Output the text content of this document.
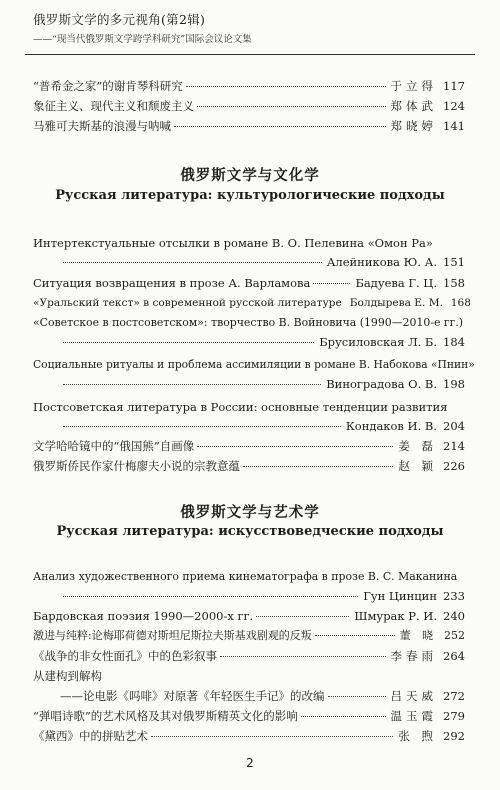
俄罗斯文学的多元视角(第2辑)
——“现当代俄罗斯文学跨学科研究”国际会议论文集
“普希金之家”的谢肯琴科研究	于立得 117
象征主义、现代主义和颓废主义	郑体武 124
马雅可夫斯基的浪漫与呐喊	郑晓婷 141
俄罗斯文学与文化学
Русская литература: культурологические подходы
Интертекстуальные отсылки в романе В. О. Пелевина «Омон Ра»
Алейникова Ю. А. 151
Ситуация возвращения в прозе А. Варламова	Бадуева Г. Ц. 158
«Уральский текст» в современной русской литературе Болдырева Е. М. 168
«Советское в постсоветском»: творчество В. Войновича (1990—2010-е гг.)
Брусиловская Л. Б. 184
Социальные ритуалы и проблема ассимиляции в романе В. Набокова «Пнин»
Виноградова О. В. 198
Постсоветская литература в России: основные тенденции развития
Кондаков И. В. 204
文学哈哈镜中的“俄国熊”自画像	姜 磊 214
俄罗斯侨民作家什梅廖夫小说的宗教意蕴	赵 颖 226
俄罗斯文学与艺术学
Русская литература: искусствоведческие подходы
Анализ художественного приема кинематографа в прозе В. С. Маканина
Гун Цинцин 233
Бардовская поэзия 1990—2000-х гг.	Шмурак Р. И. 240
激进与纯粹:论梅耶荷德对斯坦尼斯拉夫斯基戏剧观的反叛	董 晓 252
《战争的非女性面孔》中的色彩叙事	李春雨 264
从建构到解构
——论电影《吗啡》对原著《年轻医生手记》的改编	吕天威 272
“弹唱诗歌”的艺术风格及其对俄罗斯精英文化的影响	温玉霞 279
《黛西》中的拼贴艺术	张 煦 292
2
